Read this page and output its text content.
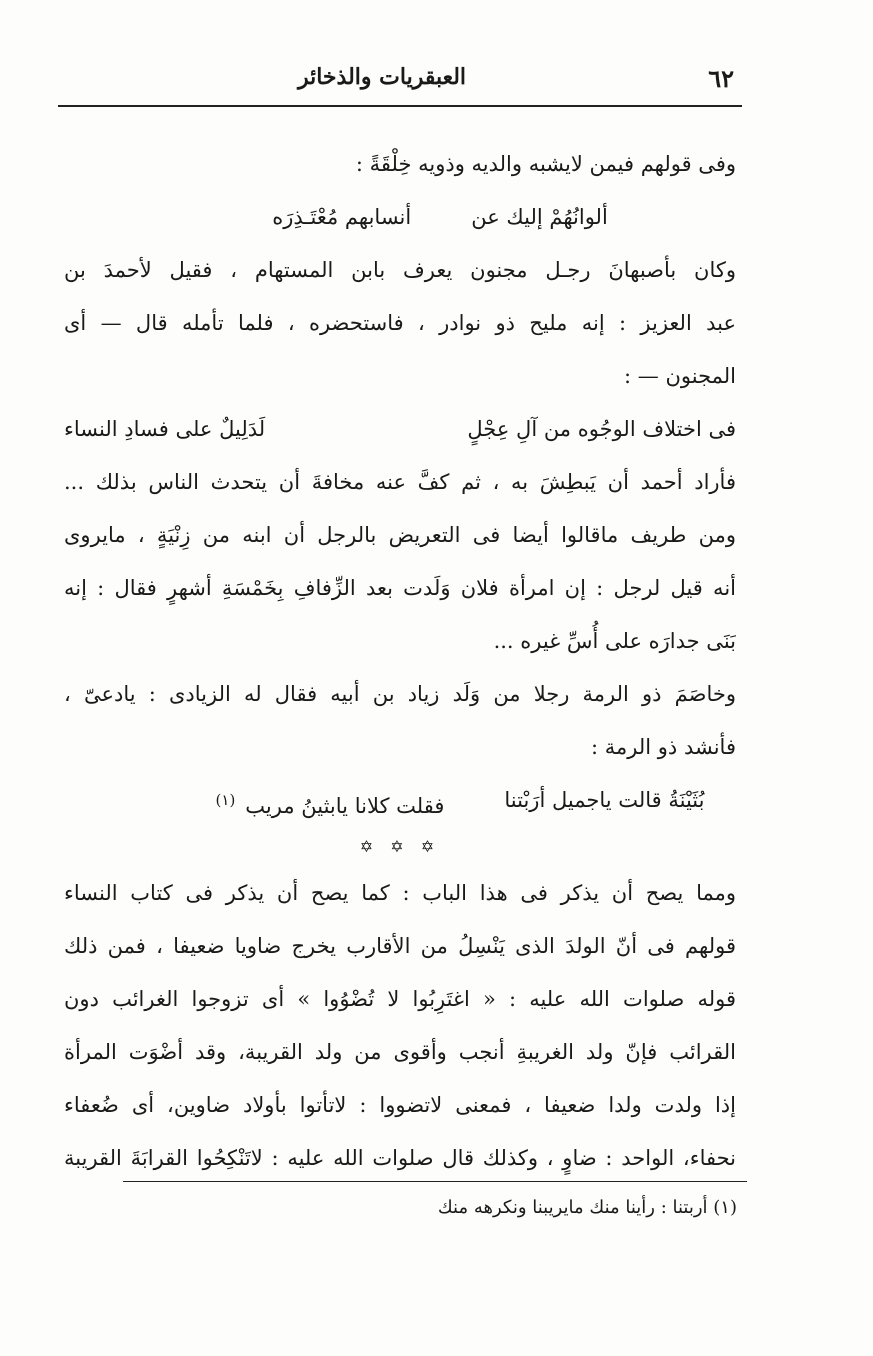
٦٢
العبقريات والذخائر
وفى قولهم فيمن لايشبه والديه وذويه خِلْقَةً :
ألوانُهُمْ إليك عن
أنسابهم مُعْتَـذِرَه
وكان بأصبهانَ رجـل مجنون يعرف بابن المستهام ، فقيل لأحمدَ بن
عبد العزيز : إنه مليح ذو نوادر ، فاستحضره ، فلما تأمله قال — أى
المجنون — :
فى اختلاف الوجُوه من آلِ عِجْلٍ
لَدَلِيلٌ على فسادِ النساء
فأراد أحمد أن يَبطِشَ به ، ثم كفَّ عنه مخافةَ أن يتحدث الناس بذلك ...
ومن طريف ماقالوا أيضا فى التعريض بالرجل أن ابنه من زِنْيَةٍ ، مايروى
أنه قيل لرجل : إن امرأة فلان وَلَدت بعد الزِّفافِ بِخَمْسَةِ أشهرٍ فقال : إنه
بَنَى جدارَه على أُسِّ غيره ...
وخاصَمَ ذو الرمة رجلا من وَلَد زياد بن أبيه فقال له الزيادى : يادعىّ ،
فأنشد ذو الرمة :
بُثَيْنَةُ قالت ياجميل أرَبْتنا
فقلت كلانا يابثينُ مريب$^{(١)}$
✡ ✡ ✡
ومما يصح أن يذكر فى هذا الباب : كما يصح أن يذكر فى كتاب النساء
قولهم فى أنّ الولدَ الذى يَنْسِلُ من الأقارب يخرج ضاويا ضعيفا ، فمن ذلك
قوله صلوات الله عليه : « اغتَرِبُوا لا تُضْوُوا » أى تزوجوا الغرائب دون
القرائب فإنّ ولد الغريبةِ أنجب وأقوى من ولد القريبة، وقد أضْوَت المرأة
إذا ولدت ولدا ضعيفا ، فمعنى لاتضووا : لاتأتوا بأولاد ضاوين، أى ضُعفاء
نحفاء، الواحد : ضاوٍ ، وكذلك قال صلوات الله عليه : لاتَنْكِحُوا القرابَةَ القريبة
(١) أربتنا : رأينا منك مايريبنا ونكرهه منك
